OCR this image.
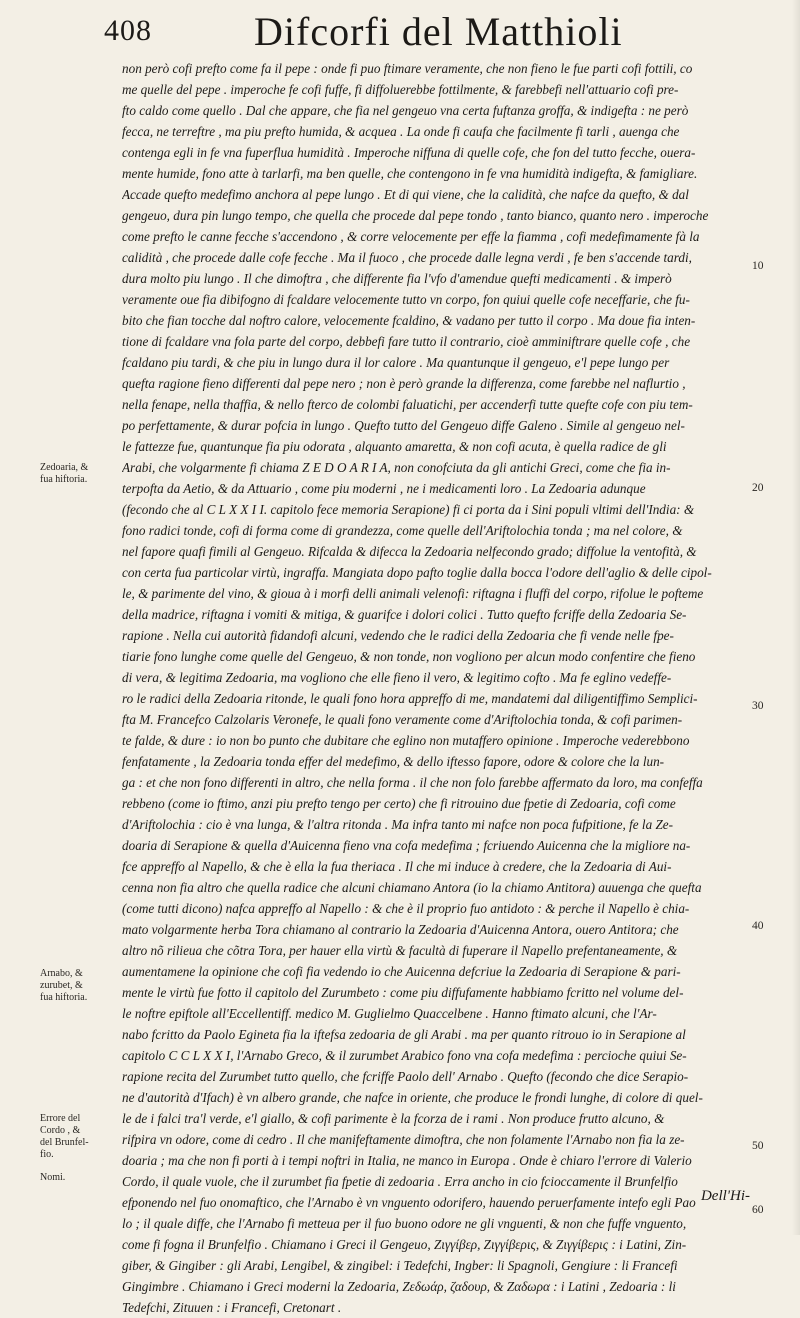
408	Difcorfi del Matthioli
non però cofi prefto come fa il pepe : onde fi puo ftimare veramente, che non fieno le fue parti cofi fottili, co
me quelle del pepe . imperoche fe cofi fuffe, fi diffoluerebbe fottilmente, & farebbefi nell'attuario cofi pre-
fto caldo come quello . Dal che appare, che fia nel gengeuo vna certa fuftanza groffa, & indigefta : ne però
fecca, ne terreftre , ma piu prefto humida, & acquea . La onde fi caufa che facilmente fi tarli , auenga che
contenga egli in fe vna fuperflua humidità . Imperoche niffuna di quelle cofe, che fon del tutto fecche, ouera-
mente humide, fono atte à tarlarfi, ma ben quelle, che contengono in fe vna humidità indigefta, & famigliare.
Accade quefto medefimo anchora al pepe lungo . Et di qui viene, che la calidità, che nafce da quefto, & dal
gengeuo, dura pin lungo tempo, che quella che procede dal pepe tondo , tanto bianco, quanto nero . imperoche
come prefto le canne fecche s'accendono , & corre velocemente per effe la fiamma , cofi medefimamente fà la
calidità , che procede dalle cofe fecche . Ma il fuoco , che procede dalle legna verdi , fe ben s'accende tardi,
dura molto piu lungo . Il che dimoftra , che differente fia l'vfo d'amendue quefti medicamenti . & imperò
veramente oue fia dibifogno di fcaldare velocemente tutto vn corpo, fon quiui quelle cofe neceffarie, che fu-
bito che fian tocche dal noftro calore, velocemente fcaldino, & vadano per tutto il corpo . Ma doue fia inten-
tione di fcaldare vna fola parte del corpo, debbefi fare tutto il contrario, cioè amminiftrare quelle cofe , che
fcaldano piu tardi, & che piu in lungo dura il lor calore . Ma quantunque il gengeuo, e'l pepe lungo per
quefta ragione fieno differenti dal pepe nero ; non è però grande la differenza, come farebbe nel naflurtio ,
nella fenape, nella thaffia, & nello fterco de colombi faluatichi, per accenderfi tutte quefte cofe con piu tem-
po perfettamente, & durar pofcia in lungo . Quefto tutto del Gengeuo diffe Galeno . Simile al gengeuo nel-
le fattezze fue, quantunque fia piu odorata , alquanto amaretta, & non cofi acuta, è quella radice de gli
Arabi, che volgarmente fi chiama Z E D O A R I A, non conofciuta da gli antichi Greci, come che fia in-
terpofta da Aetio, & da Attuario , come piu moderni , ne i medicamenti loro . La Zedoaria adunque
(fecondo che al C L X X I I. capitolo fece memoria Serapione) fi ci porta da i Sini populi vltimi dell'India: &
fono radici tonde, cofi di forma come di grandezza, come quelle dell'Ariftolochia tonda ; ma nel colore, &
nel fapore quafi fimili al Gengeuo. Rifcalda & difecca la Zedoaria nelfecondo grado; diffolue la ventofità, &
con certa fua particolar virtù, ingraffa. Mangiata dopo pafto toglie dalla bocca l'odore dell'aglio & delle cipol-
le, & parimente del vino, & gioua à i morfi delli animali velenofi: riftagna i fluffi del corpo, rifolue le pofteme
della madrice, riftagna i vomiti & mitiga, & guarifce i dolori colici . Tutto quefto fcriffe della Zedoaria Se-
rapione . Nella cui autorità fidandofi alcuni, vedendo che le radici della Zedoaria che fi vende nelle fpe-
tiarie fono lunghe come quelle del Gengeuo, & non tonde, non vogliono per alcun modo confentire che fieno
di vera, & legitima Zedoaria, ma vogliono che elle fieno il vero, & legitimo cofto . Ma fe eglino vedeffe-
ro le radici della Zedoaria ritonde, le quali fono hora appreffo di me, mandatemi dal diligentiffimo Semplici-
fta M. Francefco Calzolaris Veronefe, le quali fono veramente come d'Ariftolochia tonda, & cofi parimen-
te falde, & dure : io non bo punto che dubitare che eglino non mutaffero opinione . Imperoche vederebbono
fenfatamente , la Zedoaria tonda effer del medefimo, & dello iftesso fapore, odore & colore che la lun-
ga : et che non fono differenti in altro, che nella forma . il che non folo farebbe affermato da loro, ma confeffa
rebbeno (come io ftimo, anzi piu prefto tengo per certo) che fi ritrouino due fpetie di Zedoaria, cofi come
d'Ariftolochia : cio è vna lunga, & l'altra ritonda . Ma infra tanto mi nafce non poca fufpitione, fe la Ze-
doaria di Serapione & quella d'Auicenna fieno vna cofa medefima ; fcriuendo Auicenna che la migliore na-
fce appreffo al Napello, & che è ella la fua theriaca . Il che mi induce à credere, che la Zedoaria di Aui-
cenna non fia altro che quella radice che alcuni chiamano Antora (io la chiamo Antitora) auuenga che quefta
(come tutti dicono) nafca appreffo al Napello : & che è il proprio fuo antidoto : & perche il Napello è chia-
mato volgarmente herba Tora chiamano al contrario la Zedoaria d'Auicenna Antora, ouero Antitora; che
altro nõ rilieua che cõtra Tora, per hauer ella virtù & facultà di fuperare il Napello prefentaneamente, &
aumentamene la opinione che cofi fia vedendo io che Auicenna defcriue la Zedoaria di Serapione & pari-
mente le virtù fue fotto il capitolo del Zurumbeto : come piu diffufamente habbiamo fcritto nel volume del-
le noftre epiftole all'Eccellentiff. medico M. Guglielmo Quaccelbene . Hanno ftimato alcuni, che l'Ar-
nabo fcritto da Paolo Egineta fia la iftefsa zedoaria de gli Arabi . ma per quanto ritrouo io in Serapione al
capitolo C C L X X I, l'Arnabo Greco, & il zurumbet Arabico fono vna cofa medefima : percioche quiui Se-
rapione recita del Zurumbet tutto quello, che fcriffe Paolo dell' Arnabo . Quefto (fecondo che dice Serapio-
ne d'autorità d'Ifach) è vn albero grande, che nafce in oriente, che produce le frondi lunghe, di colore di quel-
le de i falci tra'l verde, e'l giallo, & cofi parimente è la fcorza de i rami . Non produce frutto alcuno, &
rifpira vn odore, come di cedro . Il che manifeftamente dimoftra, che non folamente l'Arnabo non fia la ze-
doaria ; ma che non fi porti à i tempi noftri in Italia, ne manco in Europa . Onde è chiaro l'errore di Valerio
Cordo, il quale vuole, che il zurumbet fia fpetie di zedoaria . Erra ancho in cio fcioccamente il Brunfelfio
efponendo nel fuo onomaftico, che l'Arnabo è vn vnguento odorifero, hauendo peruerfamente intefo egli Pao
lo ; il quale diffe, che l'Arnabo fi metteua per il fuo buono odore ne gli vnguenti, & non che fuffe vnguento,
come fi fogna il Brunfelfio . Chiamano i Greci il Gengeuo, Ζιγγίβερ, Ζιγγίβερις, & Ζιγγίβερις : i Latini, Zin-
giber, & Gingiber : gli Arabi, Lengibel, & zingibel: i Tedefchi, Ingber: li Spagnoli, Gengiure : li Francefi
Gingimbre . Chiamano i Greci moderni la Zedoaria, Ζεδωάρ, ζαδουρ, & Ζαδωρα : i Latini , Zedoaria : li
Tedefchi, Zituuen : i Francefi, Cretonart .
Zedoaria, &
fua hiftoria.
Arnabo, &
zurubet, &
fua hiftoria.
Errore del
Cordo , &
del Brunfel-
fio.
Nomi.
10
20
30
40
50
60
Dell'Hi-
